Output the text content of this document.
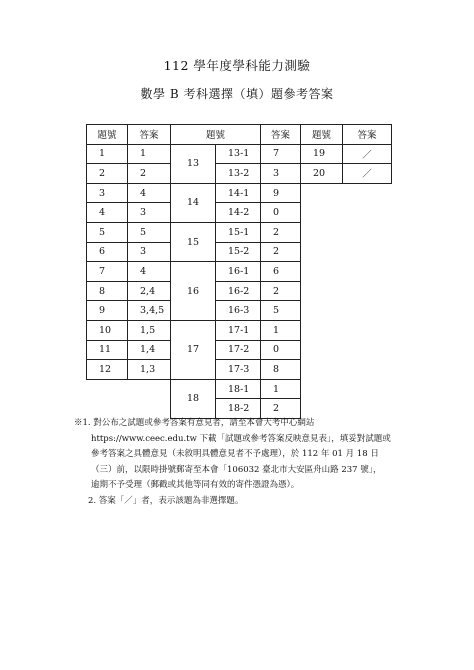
112 學年度學科能力測驗
數學 B 考科選擇（填）題參考答案
題號	答案	題號		答案	題號	答案
1	1	13	13-1	7	19	／
2	2		13-2	3	20	／
3	4	14	14-1	9		
4	3		14-2	0		
5	5	15	15-1	2		
6	3		15-2	2		
7	4	16	16-1	6		
8	2,4		16-2	2		
9	3,4,5		16-3	5		
10	1,5	17	17-1	1		
11	1,4		17-2	0		
12	1,3		17-3	8		
		18	18-1	1		
			18-2	2		
※1. 對公布之試題或參考答案有意見者，請至本會大考中心網站
https://www.ceec.edu.tw 下載「試題或參考答案反映意見表」，填妥對試題或
參考答案之具體意見（未敘明具體意見者不予處理），於 112 年 01 月 18 日
（三）前，以限時掛號郵寄至本會「106032 臺北市大安區舟山路 237 號」，
逾期不予受理（郵戳或其他等同有效的寄件憑證為憑）。
2. 答案「／」者，表示該題為非選擇題。
